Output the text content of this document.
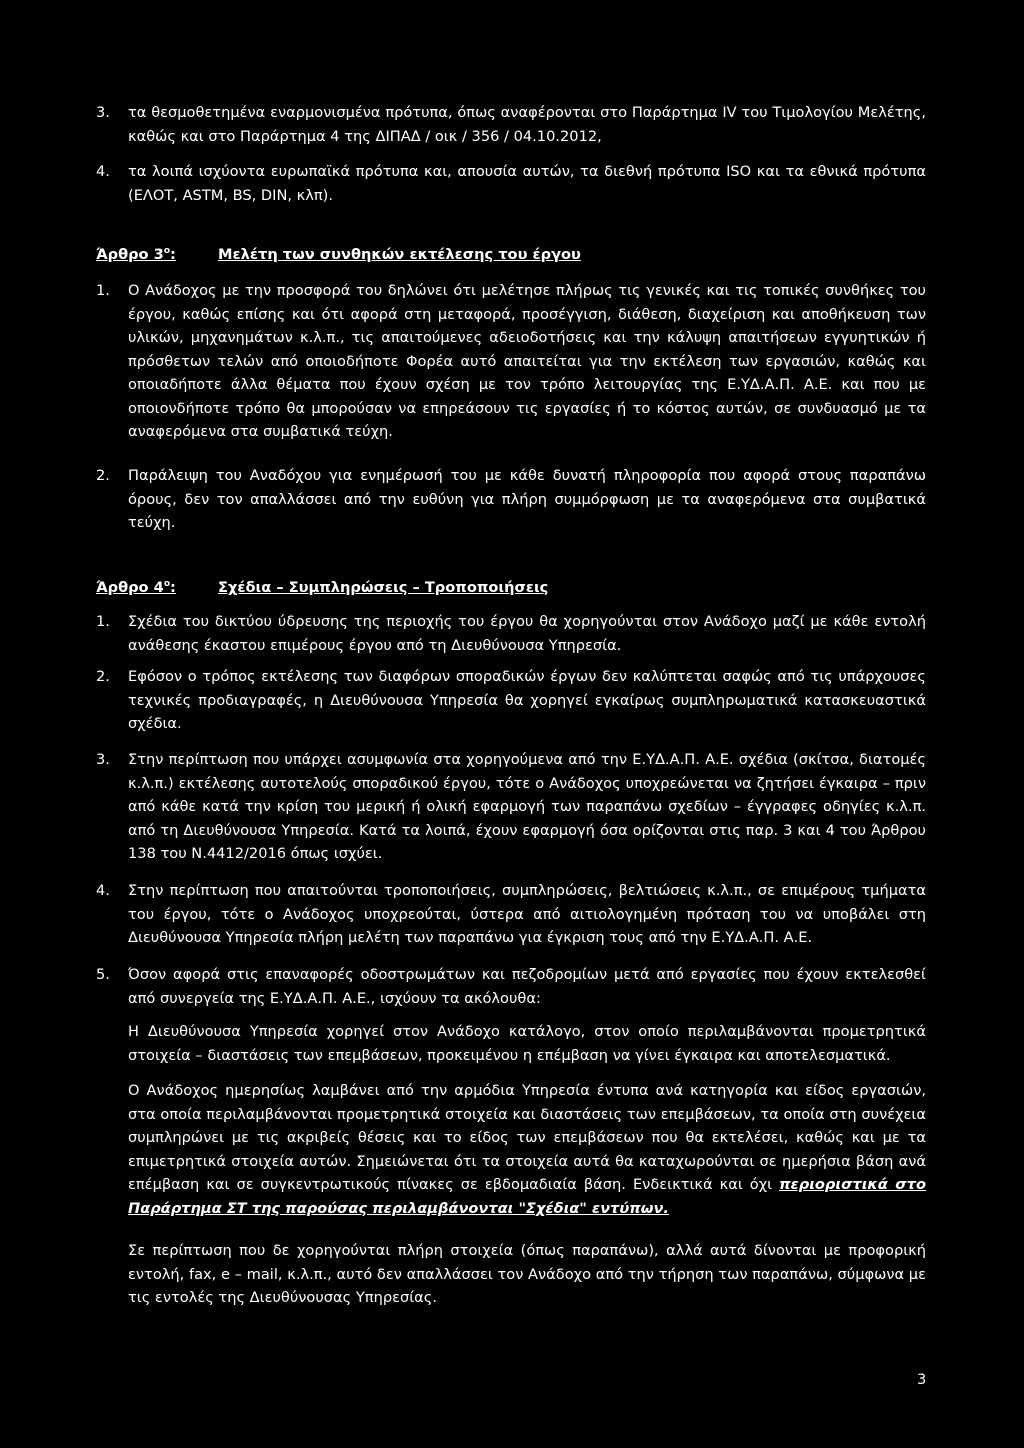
3. τα θεσμοθετημένα εναρμονισμένα πρότυπα, όπως αναφέρονται στο Παράρτημα IV του Τιμολογίου Μελέτης, καθώς και στο Παράρτημα 4 της ΔΙΠΑΔ / οικ / 356 / 04.10.2012,
4. τα λοιπά ισχύοντα ευρωπαϊκά πρότυπα και, απουσία αυτών, τα διεθνή πρότυπα ISO και τα εθνικά πρότυπα (ΕΛΟΤ, ASTM, BS, DIN, κλπ).
Άρθρο $3^o$:	Μελέτη των συνθηκών εκτέλεσης του έργου
1. Ο Ανάδοχος με την προσφορά του δηλώνει ότι μελέτησε πλήρως τις γενικές και τις τοπικές συνθήκες του έργου, καθώς επίσης και ότι αφορά στη μεταφορά, προσέγγιση, διάθεση, διαχείριση και αποθήκευση των υλικών, μηχανημάτων κ.λ.π., τις απαιτούμενες αδειοδοτήσεις και την κάλυψη απαιτήσεων εγγυητικών ή πρόσθετων τελών από οποιοδήποτε Φορέα αυτό απαιτείται για την εκτέλεση των εργασιών, καθώς και οποιαδήποτε άλλα θέματα που έχουν σχέση με τον τρόπο λειτουργίας της Ε.ΥΔ.Α.Π. Α.Ε. και που με οποιονδήποτε τρόπο θα μπορούσαν να επηρεάσουν τις εργασίες ή το κόστος αυτών, σε συνδυασμό με τα αναφερόμενα στα συμβατικά τεύχη.
2. Παράλειψη του Αναδόχου για ενημέρωσή του με κάθε δυνατή πληροφορία που αφορά στους παραπάνω όρους, δεν τον απαλλάσσει από την ευθύνη για πλήρη συμμόρφωση με τα αναφερόμενα στα συμβατικά τεύχη.
Άρθρο $4^o$:	Σχέδια – Συμπληρώσεις – Τροποποιήσεις
1. Σχέδια του δικτύου ύδρευσης της περιοχής του έργου θα χορηγούνται στον Ανάδοχο μαζί με κάθε εντολή ανάθεσης έκαστου επιμέρους έργου από τη Διευθύνουσα Υπηρεσία.
2. Εφόσον ο τρόπος εκτέλεσης των διαφόρων σποραδικών έργων δεν καλύπτεται σαφώς από τις υπάρχουσες τεχνικές προδιαγραφές, η Διευθύνουσα Υπηρεσία θα χορηγεί εγκαίρως συμπληρωματικά κατασκευαστικά σχέδια.
3. Στην περίπτωση που υπάρχει ασυμφωνία στα χορηγούμενα από την Ε.ΥΔ.Α.Π. Α.Ε. σχέδια (σκίτσα, διατομές κ.λ.π.) εκτέλεσης αυτοτελούς σποραδικού έργου, τότε ο Ανάδοχος υποχρεώνεται να ζητήσει έγκαιρα – πριν από κάθε κατά την κρίση του μερική ή ολική εφαρμογή των παραπάνω σχεδίων – έγγραφες οδηγίες κ.λ.π. από τη Διευθύνουσα Υπηρεσία. Κατά τα λοιπά, έχουν εφαρμογή όσα ορίζονται στις παρ. 3 και 4 του Άρθρου 138 του Ν.4412/2016 όπως ισχύει.
4. Στην περίπτωση που απαιτούνται τροποποιήσεις, συμπληρώσεις, βελτιώσεις κ.λ.π., σε επιμέρους τμήματα του έργου, τότε ο Ανάδοχος υποχρεούται, ύστερα από αιτιολογημένη πρόταση του να υποβάλει στη Διευθύνουσα Υπηρεσία πλήρη μελέτη των παραπάνω για έγκριση τους από την Ε.ΥΔ.Α.Π. Α.Ε.
5. Όσον αφορά στις επαναφορές οδοστρωμάτων και πεζοδρομίων μετά από εργασίες που έχουν εκτελεσθεί από συνεργεία της Ε.ΥΔ.Α.Π. Α.Ε., ισχύουν τα ακόλουθα:
Η Διευθύνουσα Υπηρεσία χορηγεί στον Ανάδοχο κατάλογο, στον οποίο περιλαμβάνονται προμετρητικά στοιχεία – διαστάσεις των επεμβάσεων, προκειμένου η επέμβαση να γίνει έγκαιρα και αποτελεσματικά.
Ο Ανάδοχος ημερησίως λαμβάνει από την αρμόδια Υπηρεσία έντυπα ανά κατηγορία και είδος εργασιών, στα οποία περιλαμβάνονται προμετρητικά στοιχεία και διαστάσεις των επεμβάσεων, τα οποία στη συνέχεια συμπληρώνει με τις ακριβείς θέσεις και το είδος των επεμβάσεων που θα εκτελέσει, καθώς και με τα επιμετρητικά στοιχεία αυτών. Σημειώνεται ότι τα στοιχεία αυτά θα καταχωρούνται σε ημερήσια βάση ανά επέμβαση και σε συγκεντρωτικούς πίνακες σε εβδομαδιαία βάση. Ενδεικτικά και όχι περιοριστικά στο Παράρτημα ΣΤ της παρούσας περιλαμβάνονται "Σχέδια" εντύπων.
Σε περίπτωση που δε χορηγούνται πλήρη στοιχεία (όπως παραπάνω), αλλά αυτά δίνονται με προφορική εντολή, fax, e – mail, κ.λ.π., αυτό δεν απαλλάσσει τον Ανάδοχο από την τήρηση των παραπάνω, σύμφωνα με τις εντολές της Διευθύνουσας Υπηρεσίας.
3
